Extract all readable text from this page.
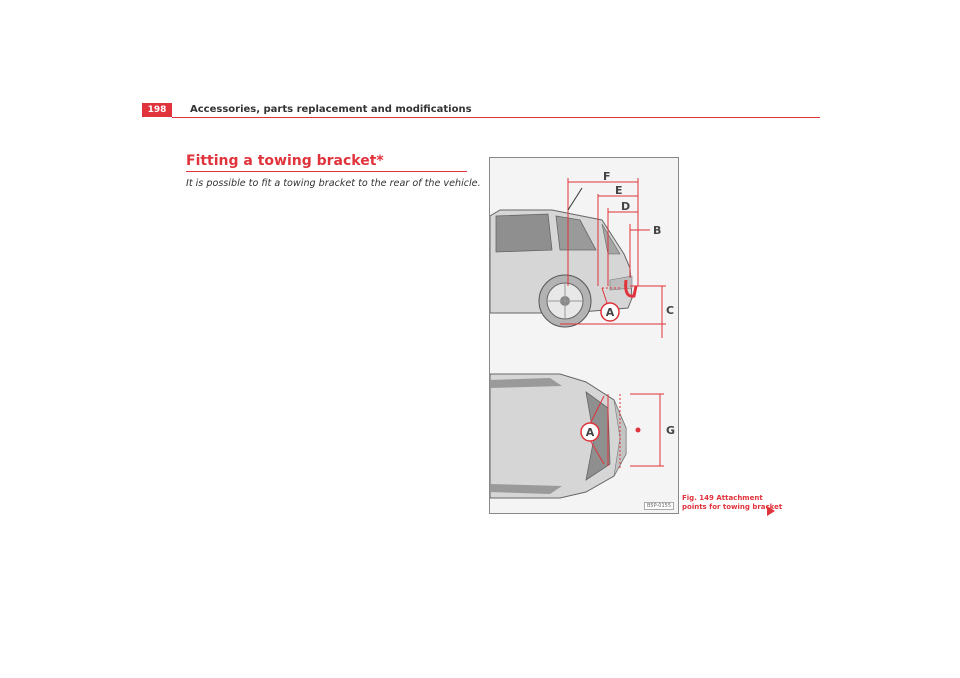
198	Accessories, parts replacement and modifications
Fitting a towing bracket*
It is possible to fit a towing bracket to the rear of the vehicle.
A
F
E
D
B
C
A	G
B5P-0155
Fig. 149 Attachment
points for towing bracket
